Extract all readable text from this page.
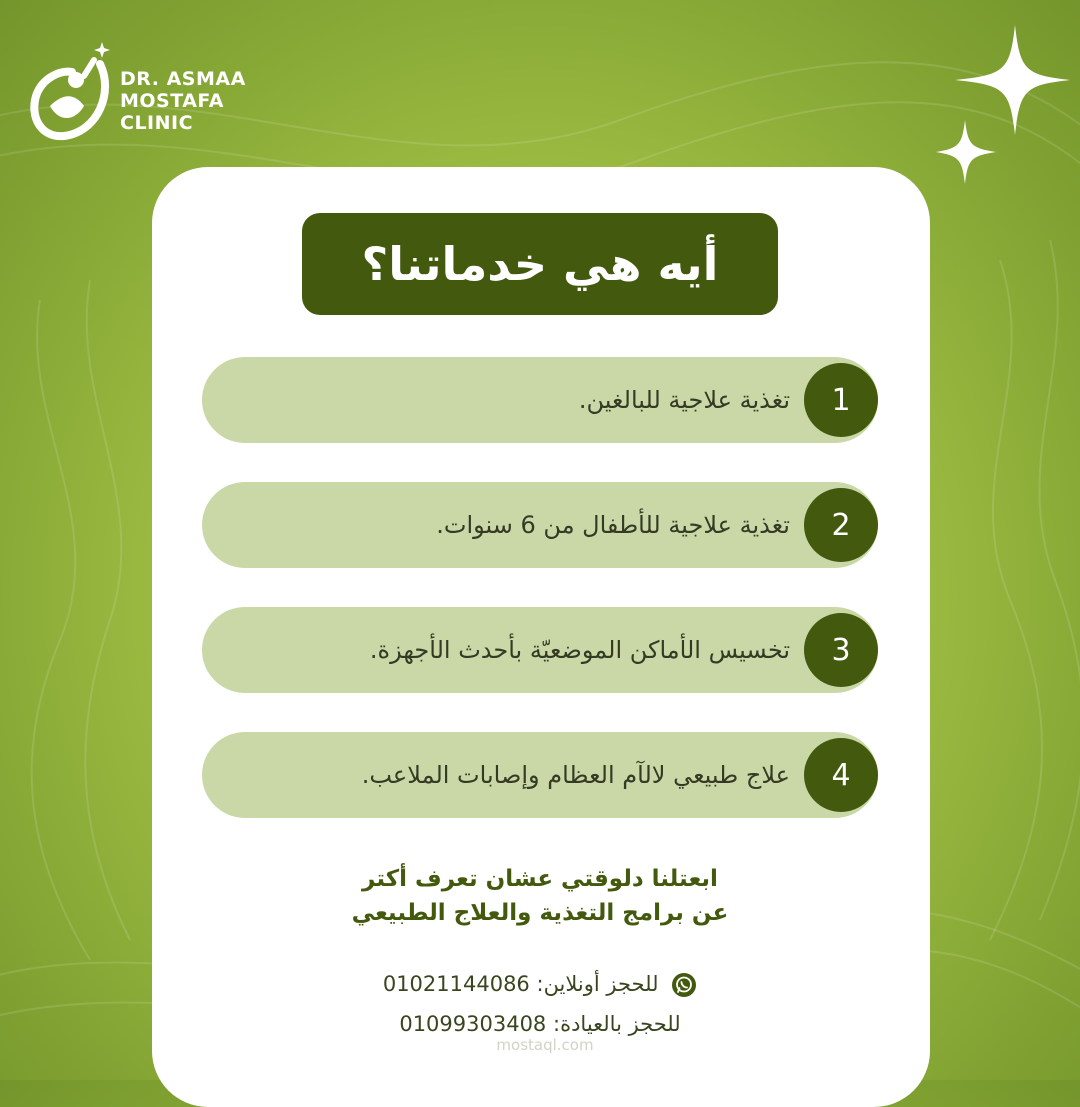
DR. ASMAA
MOSTAFA
CLINIC
أيه هي خدماتنا؟
1
تغذية علاجية للبالغين.
2
تغذية علاجية للأطفال من 6 سنوات.
3
تخسيس الأماكن الموضعيّة بأحدث الأجهزة.
4
علاج طبيعي لالآم العظام وإصابات الملاعب.
ابعتلنا دلوقتي عشان تعرف أكتر
عن برامج التغذية والعلاج الطبيعي
للحجز أونلاين: 01021144086
للحجز بالعيادة: 01099303408
mostaql.com
